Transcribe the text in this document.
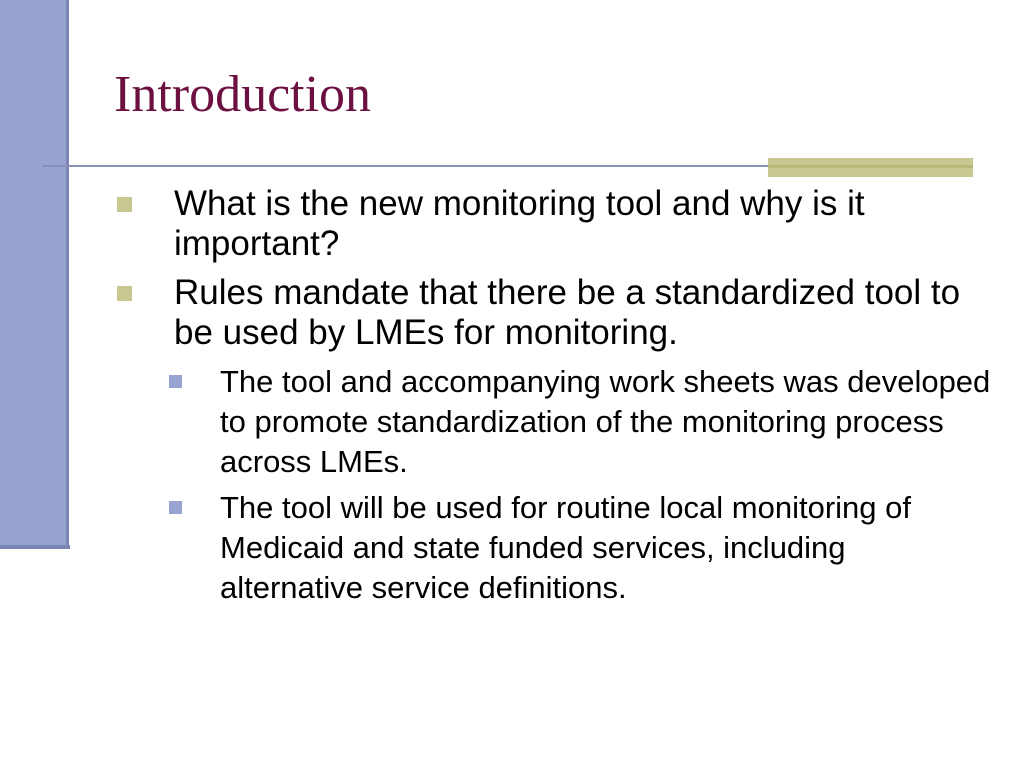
Introduction
What is the new monitoring tool and why is it important?
Rules mandate that there be a standardized tool to be used by LMEs for monitoring.
The tool and accompanying work sheets was developed to promote standardization of the monitoring process across LMEs.
The tool will be used for routine local monitoring of Medicaid and state funded services, including alternative service definitions.
